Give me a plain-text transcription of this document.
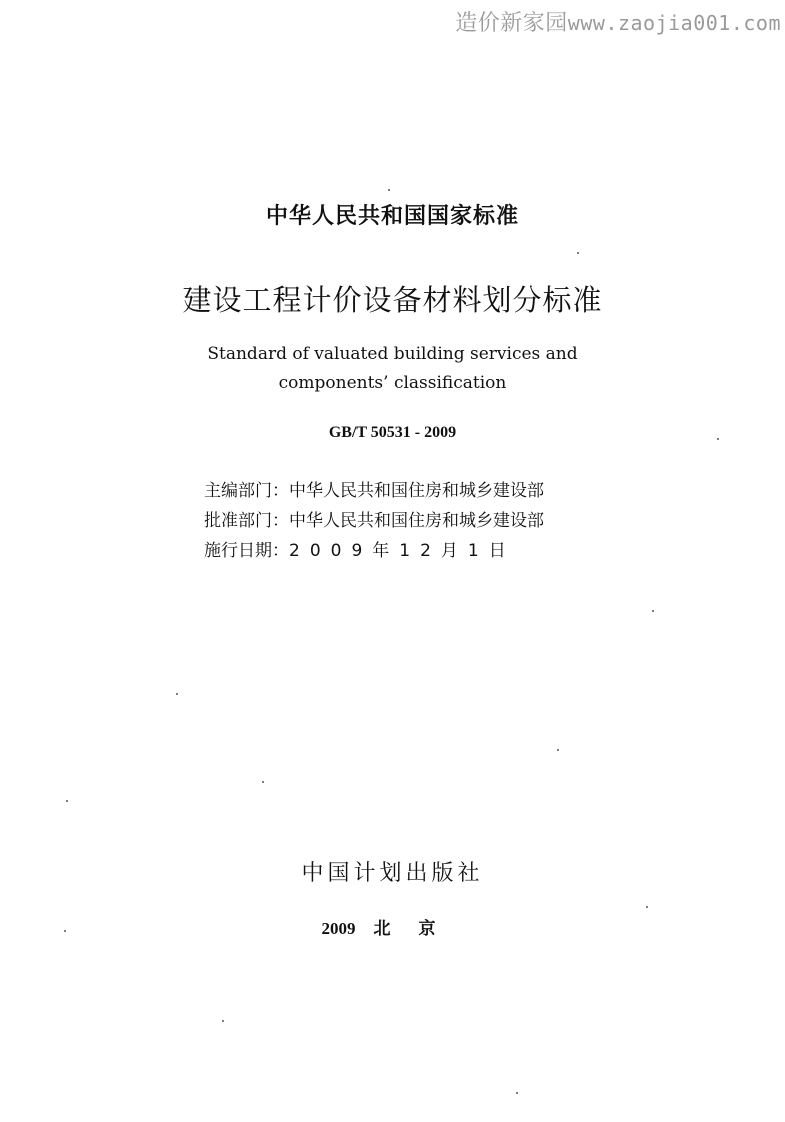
造价新家园www.zaojia001.com
中华人民共和国国家标准
建设工程计价设备材料划分标准
Standard of valuated building services and
components’ classification
GB/T 50531 - 2009
主编部门：中华人民共和国住房和城乡建设部
批准部门：中华人民共和国住房和城乡建设部
施行日期：2009年12月1日
中国计划出版社
2009 北京
